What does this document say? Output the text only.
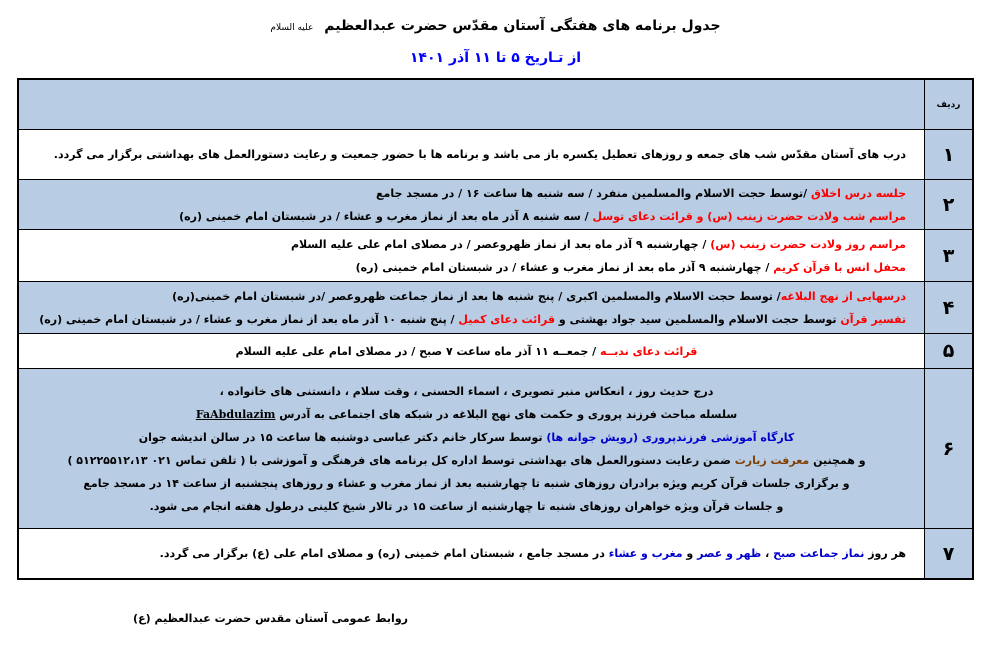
جدول برنامه های هفتگی آستان مقدّس حضرت عبدالعظیم علیه السلام
از تـاریخ ۵ تا ۱۱ آذر ۱۴۰۱
ردیف
۱
درب های آستان مقدّس شب های جمعه و روزهای تعطیل یکسره باز می باشد و برنامه ها با حضور جمعیت و رعایت دستورالعمل های بهداشتی برگزار می گردد.
۲
جلسه درس اخلاق /توسط حجت الاسلام والمسلمین منفرد / سه شنبه ها ساعت ۱۶ / در مسجد جامع
مراسم شب ولادت حضرت زینب (س) و قرائت دعای توسل / سه شنبه ۸ آذر ماه بعد از نماز مغرب و عشاء / در شبستان امام خمینی (ره)
۳
مراسم روز ولادت حضرت زینب (س) / چهارشنبه ۹ آذر ماه بعد از نماز ظهروعصر / در مصلای امام علی علیه السلام
محفل انس با قرآن کریم / چهارشنبه ۹ آذر ماه بعد از نماز مغرب و عشاء / در شبستان امام خمینی (ره)
۴
درسهایی از نهج البلاغه/ توسط حجت الاسلام والمسلمین اکبری / پنج شنبه ها بعد از نماز جماعت ظهروعصر /در شبستان امام خمینی(ره)
تفسیر قرآن توسط حجت الاسلام والمسلمین سید جواد بهشتی و قرائت دعای کمیل / پنج شنبه ۱۰ آذر ماه بعد از نماز مغرب و عشاء / در شبستان امام خمینی (ره)
۵
قرائت دعای ندبــه / جمعــه ۱۱ آذر ماه ساعت ۷ صبح / در مصلای امام علی علیه السلام
۶
درج حدیث روز ، انعکاس منبر تصویری ، اسماء الحسنی ، وقت سلام ، دانستنی های خانواده ،
سلسله مباحث فرزند پروری و حکمت های نهج البلاغه در شبکه های اجتماعی به آدرس FaAbdulazim
کارگاه آموزشی فرزندپروری (رویش جوانه ها) توسط سرکار خانم دکتر عباسی دوشنبه ها ساعت ۱۵ در سالن اندیشه جوان
و همچنین معرفت زیارت ضمن رعایت دستورالعمل های بهداشتی توسط اداره کل برنامه های فرهنگی و آموزشی با ( تلفن تماس ۰۲۱ ۵۱۲۲۵۵۱۲،۱۳ )
و برگزاری جلسات قرآن کریم ویژه برادران روزهای شنبه تا چهارشنبه بعد از نماز مغرب و عشاء و روزهای پنجشنبه از ساعت ۱۴ در مسجد جامع
و جلسات قرآن ویژه خواهران روزهای شنبه تا چهارشنبه از ساعت ۱۵ در تالار شیخ کلینی درطول هفته انجام می شود.
۷
هر روز نماز جماعت صبح ، ظهر و عصر و مغرب و عشاء در مسجد جامع ، شبستان امام خمینی (ره) و مصلای امام علی (ع) برگزار می گردد.
روابط عمومی آستان مقدس حضرت عبدالعظیم (ع)
